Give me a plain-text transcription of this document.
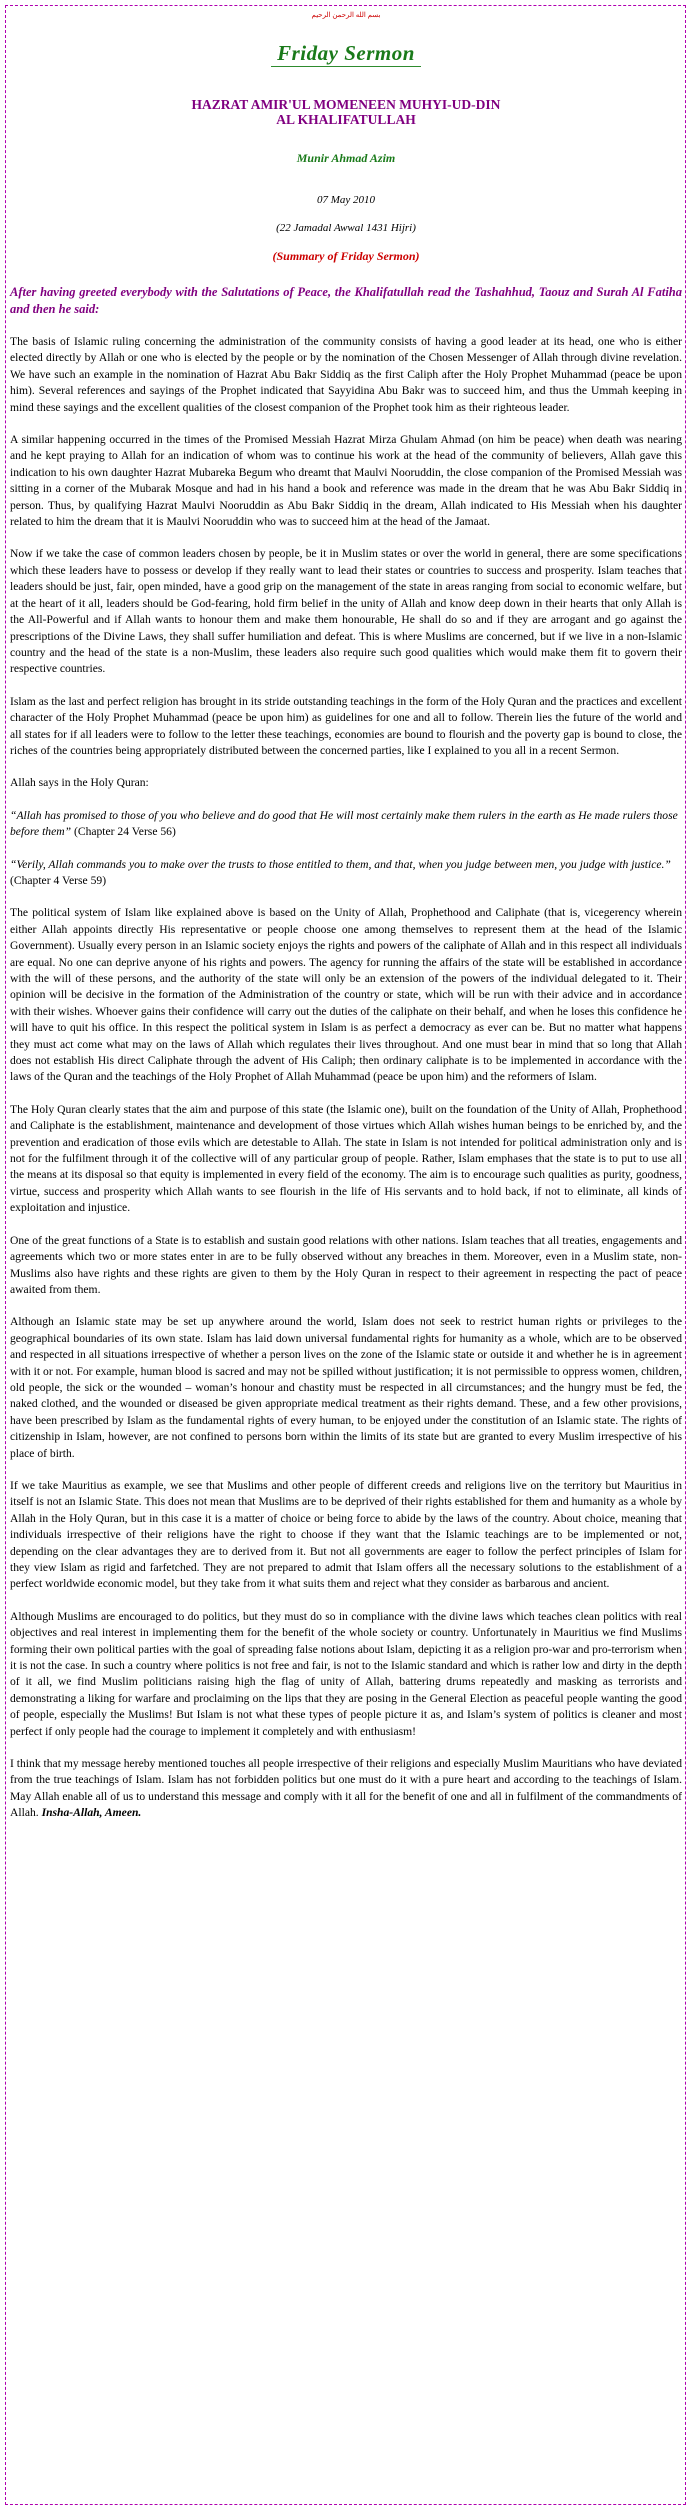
بسم الله الرحمن الرحيم
Friday Sermon
HAZRAT AMIR'UL MOMENEEN MUHYI-UD-DIN
AL KHALIFATULLAH
Munir Ahmad Azim
07 May 2010
(22 Jamadal Awwal 1431 Hijri)
(Summary of Friday Sermon)
After having greeted everybody with the Salutations of Peace, the Khalifatullah read the Tashahhud, Taouz and Surah Al Fatiha and then he said:

The basis of Islamic ruling concerning the administration of the community consists of having a good leader at its head, one who is either elected directly by Allah or one who is elected by the people or by the nomination of the Chosen Messenger of Allah through divine revelation. We have such an example in the nomination of Hazrat Abu Bakr Siddiq as the first Caliph after the Holy Prophet Muhammad (peace be upon him). Several references and sayings of the Prophet indicated that Sayyidina Abu Bakr was to succeed him, and thus the Ummah keeping in mind these sayings and the excellent qualities of the closest companion of the Prophet took him as their righteous leader.

A similar happening occurred in the times of the Promised Messiah Hazrat Mirza Ghulam Ahmad (on him be peace) when death was nearing and he kept praying to Allah for an indication of whom was to continue his work at the head of the community of believers, Allah gave this indication to his own daughter Hazrat Mubareka Begum who dreamt that Maulvi Nooruddin, the close companion of the Promised Messiah was sitting in a corner of the Mubarak Mosque and had in his hand a book and reference was made in the dream that he was Abu Bakr Siddiq in person. Thus, by qualifying Hazrat Maulvi Nooruddin as Abu Bakr Siddiq in the dream, Allah indicated to His Messiah when his daughter related to him the dream that it is Maulvi Nooruddin who was to succeed him at the head of the Jamaat.

Now if we take the case of common leaders chosen by people, be it in Muslim states or over the world in general, there are some specifications which these leaders have to possess or develop if they really want to lead their states or countries to success and prosperity. Islam teaches that leaders should be just, fair, open minded, have a good grip on the management of the state in areas ranging from social to economic welfare, but at the heart of it all, leaders should be God-fearing, hold firm belief in the unity of Allah and know deep down in their hearts that only Allah is the All-Powerful and if Allah wants to honour them and make them honourable, He shall do so and if they are arrogant and go against the prescriptions of the Divine Laws, they shall suffer humiliation and defeat. This is where Muslims are concerned, but if we live in a non-Islamic country and the head of the state is a non-Muslim, these leaders also require such good qualities which would make them fit to govern their respective countries.

Islam as the last and perfect religion has brought in its stride outstanding teachings in the form of the Holy Quran and the practices and excellent character of the Holy Prophet Muhammad (peace be upon him) as guidelines for one and all to follow. Therein lies the future of the world and all states for if all leaders were to follow to the letter these teachings, economies are bound to flourish and the poverty gap is bound to close, the riches of the countries being appropriately distributed between the concerned parties, like I explained to you all in a recent Sermon.

Allah says in the Holy Quran:

“Allah has promised to those of you who believe and do good that He will most certainly make them rulers in the earth as He made rulers those before them” (Chapter 24 Verse 56)

“Verily, Allah commands you to make over the trusts to those entitled to them, and that, when you judge between men, you judge with justice.” (Chapter 4 Verse 59)

The political system of Islam like explained above is based on the Unity of Allah, Prophethood and Caliphate (that is, vicegerency wherein either Allah appoints directly His representative or people choose one among themselves to represent them at the head of the Islamic Government). Usually every person in an Islamic society enjoys the rights and powers of the caliphate of Allah and in this respect all individuals are equal. No one can deprive anyone of his rights and powers. The agency for running the affairs of the state will be established in accordance with the will of these persons, and the authority of the state will only be an extension of the powers of the individual delegated to it. Their opinion will be decisive in the formation of the Administration of the country or state, which will be run with their advice and in accordance with their wishes. Whoever gains their confidence will carry out the duties of the caliphate on their behalf, and when he loses this confidence he will have to quit his office. In this respect the political system in Islam is as perfect a democracy as ever can be. But no matter what happens they must act come what may on the laws of Allah which regulates their lives throughout. And one must bear in mind that so long that Allah does not establish His direct Caliphate through the advent of His Caliph; then ordinary caliphate is to be implemented in accordance with the laws of the Quran and the teachings of the Holy Prophet of Allah Muhammad (peace be upon him) and the reformers of Islam.

The Holy Quran clearly states that the aim and purpose of this state (the Islamic one), built on the foundation of the Unity of Allah, Prophethood and Caliphate is the establishment, maintenance and development of those virtues which Allah wishes human beings to be enriched by, and the prevention and eradication of those evils which are detestable to Allah. The state in Islam is not intended for political administration only and is not for the fulfilment through it of the collective will of any particular group of people. Rather, Islam emphases that the state is to put to use all the means at its disposal so that equity is implemented in every field of the economy. The aim is to encourage such qualities as purity, goodness, virtue, success and prosperity which Allah wants to see flourish in the life of His servants and to hold back, if not to eliminate, all kinds of exploitation and injustice.

One of the great functions of a State is to establish and sustain good relations with other nations. Islam teaches that all treaties, engagements and agreements which two or more states enter in are to be fully observed without any breaches in them. Moreover, even in a Muslim state, non-Muslims also have rights and these rights are given to them by the Holy Quran in respect to their agreement in respecting the pact of peace awaited from them.

Although an Islamic state may be set up anywhere around the world, Islam does not seek to restrict human rights or privileges to the geographical boundaries of its own state. Islam has laid down universal fundamental rights for humanity as a whole, which are to be observed and respected in all situations irrespective of whether a person lives on the zone of the Islamic state or outside it and whether he is in agreement with it or not. For example, human blood is sacred and may not be spilled without justification; it is not permissible to oppress women, children, old people, the sick or the wounded – woman’s honour and chastity must be respected in all circumstances; and the hungry must be fed, the naked clothed, and the wounded or diseased be given appropriate medical treatment as their rights demand. These, and a few other provisions, have been prescribed by Islam as the fundamental rights of every human, to be enjoyed under the constitution of an Islamic state. The rights of citizenship in Islam, however, are not confined to persons born within the limits of its state but are granted to every Muslim irrespective of his place of birth.

If we take Mauritius as example, we see that Muslims and other people of different creeds and religions live on the territory but Mauritius in itself is not an Islamic State. This does not mean that Muslims are to be deprived of their rights established for them and humanity as a whole by Allah in the Holy Quran, but in this case it is a matter of choice or being force to abide by the laws of the country. About choice, meaning that individuals irrespective of their religions have the right to choose if they want that the Islamic teachings are to be implemented or not, depending on the clear advantages they are to derived from it. But not all governments are eager to follow the perfect principles of Islam for they view Islam as rigid and farfetched. They are not prepared to admit that Islam offers all the necessary solutions to the establishment of a perfect worldwide economic model, but they take from it what suits them and reject what they consider as barbarous and ancient.

Although Muslims are encouraged to do politics, but they must do so in compliance with the divine laws which teaches clean politics with real objectives and real interest in implementing them for the benefit of the whole society or country. Unfortunately in Mauritius we find Muslims forming their own political parties with the goal of spreading false notions about Islam, depicting it as a religion pro-war and pro-terrorism when it is not the case. In such a country where politics is not free and fair, is not to the Islamic standard and which is rather low and dirty in the depth of it all, we find Muslim politicians raising high the flag of unity of Allah, battering drums repeatedly and masking as terrorists and demonstrating a liking for warfare and proclaiming on the lips that they are posing in the General Election as peaceful people wanting the good of people, especially the Muslims! But Islam is not what these types of people picture it as, and Islam’s system of politics is cleaner and most perfect if only people had the courage to implement it completely and with enthusiasm!

I think that my message hereby mentioned touches all people irrespective of their religions and especially Muslim Mauritians who have deviated from the true teachings of Islam. Islam has not forbidden politics but one must do it with a pure heart and according to the teachings of Islam. May Allah enable all of us to understand this message and comply with it all for the benefit of one and all in fulfilment of the commandments of Allah. Insha-Allah, Ameen.
